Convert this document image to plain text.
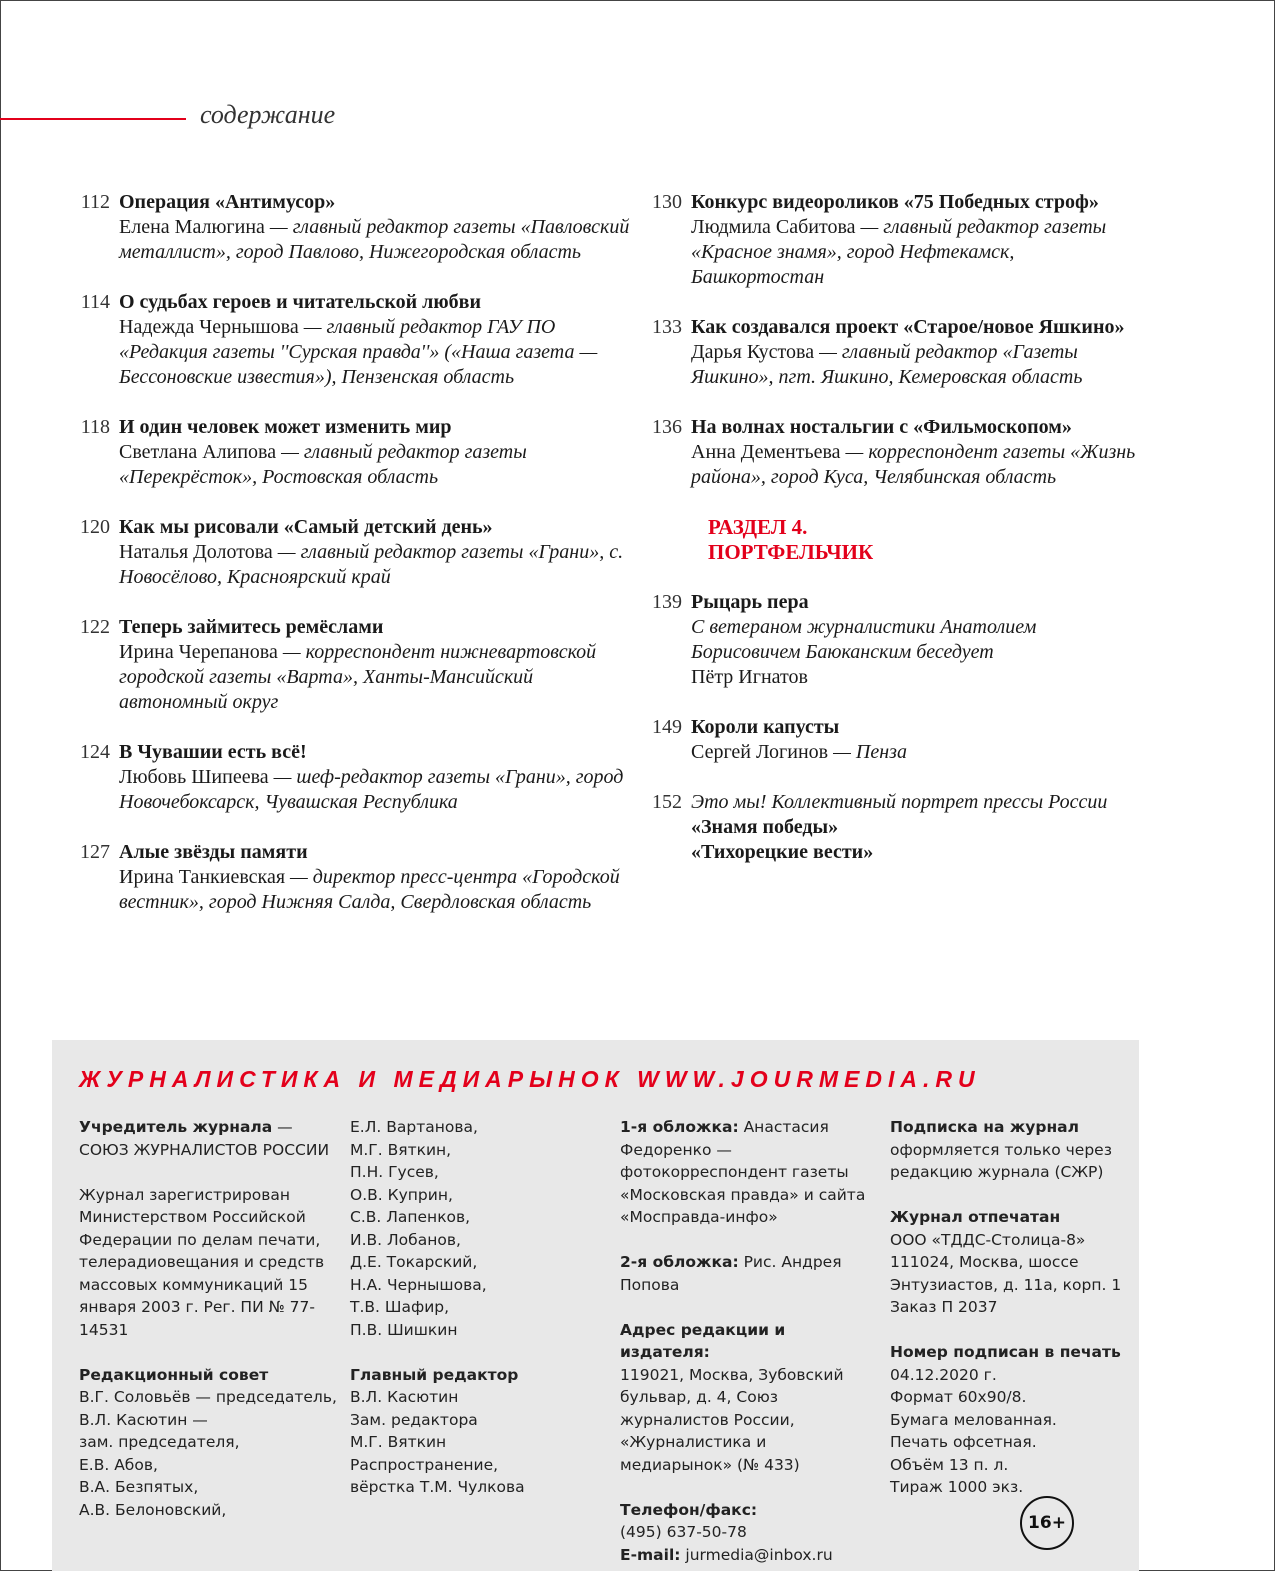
содержание
112 Операция «Антимусор»
Елена Малюгина — главный редактор газеты «Павловский металлист», город Павлово, Нижегородская область
114 О судьбах героев и читательской любви
Надежда Чернышова — главный редактор ГАУ ПО «Редакция газеты ''Сурская правда''» («Наша газета — Бессоновские известия»), Пензенская область
118 И один человек может изменить мир
Светлана Алипова — главный редактор газеты «Перекрёсток», Ростовская область
120 Как мы рисовали «Самый детский день»
Наталья Долотова — главный редактор газеты «Грани», с. Новосёлово, Красноярский край
122 Теперь займитесь ремёслами
Ирина Черепанова — корреспондент нижневартовской городской газеты «Варта», Ханты-Мансийский автономный округ
124 В Чувашии есть всё!
Любовь Шипеева — шеф-редактор газеты «Грани», город Новочебоксарск, Чувашская Республика
127 Алые звёзды памяти
Ирина Танкиевская — директор пресс-центра «Городской вестник», город Нижняя Салда, Свердловская область
130 Конкурс видеороликов «75 Победных строф»
Людмила Сабитова — главный редактор газеты «Красное знамя», город Нефтекамск, Башкортостан
133 Как создавался проект «Старое/новое Яшкино»
Дарья Кустова — главный редактор «Газеты Яшкино», пгт. Яшкино, Кемеровская область
136 На волнах ностальгии с «Фильмоскопом»
Анна Дементьева — корреспондент газеты «Жизнь района», город Куса, Челябинская область
РАЗДЕЛ 4.
ПОРТФЕЛЬЧИК
139 Рыцарь пера
С ветераном журналистики Анатолием Борисовичем Баюканским беседует
Пётр Игнатов
149 Короли капусты
Сергей Логинов — Пенза
152 Это мы! Коллективный портрет прессы России
«Знамя победы»
«Тихорецкие вести»
ЖУРНАЛИСТИКА И МЕДИАРЫНОК WWW.JOURMEDIA.RU
Учредитель журнала — СОЮЗ ЖУРНАЛИСТОВ РОССИИ
Журнал зарегистрирован Министерством Российской Федерации по делам печати, телерадиовещания и средств массовых коммуникаций 15 января 2003 г. Рег. ПИ № 77-14531
Редакционный совет
В.Г. Соловьёв — председатель,
В.Л. Касютин —
зам. председателя,
Е.В. Абов,
В.А. Безпятых,
А.В. Белоновский,
Е.Л. Вартанова,
М.Г. Вяткин,
П.Н. Гусев,
О.В. Куприн,
С.В. Лапенков,
И.В. Лобанов,
Д.Е. Токарский,
Н.А. Чернышова,
Т.В. Шафир,
П.В. Шишкин
Главный редактор
В.Л. Касютин
Зам. редактора
М.Г. Вяткин
Распространение,
вёрстка Т.М. Чулкова
1-я обложка: Анастасия Федоренко — фотокорреспондент газеты «Московская правда» и сайта «Мосправда-инфо»
2-я обложка: Рис. Андрея Попова
Адрес редакции и издателя:
119021, Москва, Зубовский бульвар, д. 4, Союз журналистов России, «Журналистика и медиарынок» (№ 433)
Телефон/факс:
(495) 637-50-78
E-mail: jurmedia@inbox.ru
Подписка на журнал
оформляется только через редакцию журнала (СЖР)
Журнал отпечатан
ООО «ТДДС-Столица-8» 111024, Москва, шоссе Энтузиастов, д. 11а, корп. 1 Заказ П 2037
Номер подписан в печать 04.12.2020 г.
Формат 60х90/8.
Бумага мелованная.
Печать офсетная.
Объём 13 п. л.
Тираж 1000 экз.
16+
